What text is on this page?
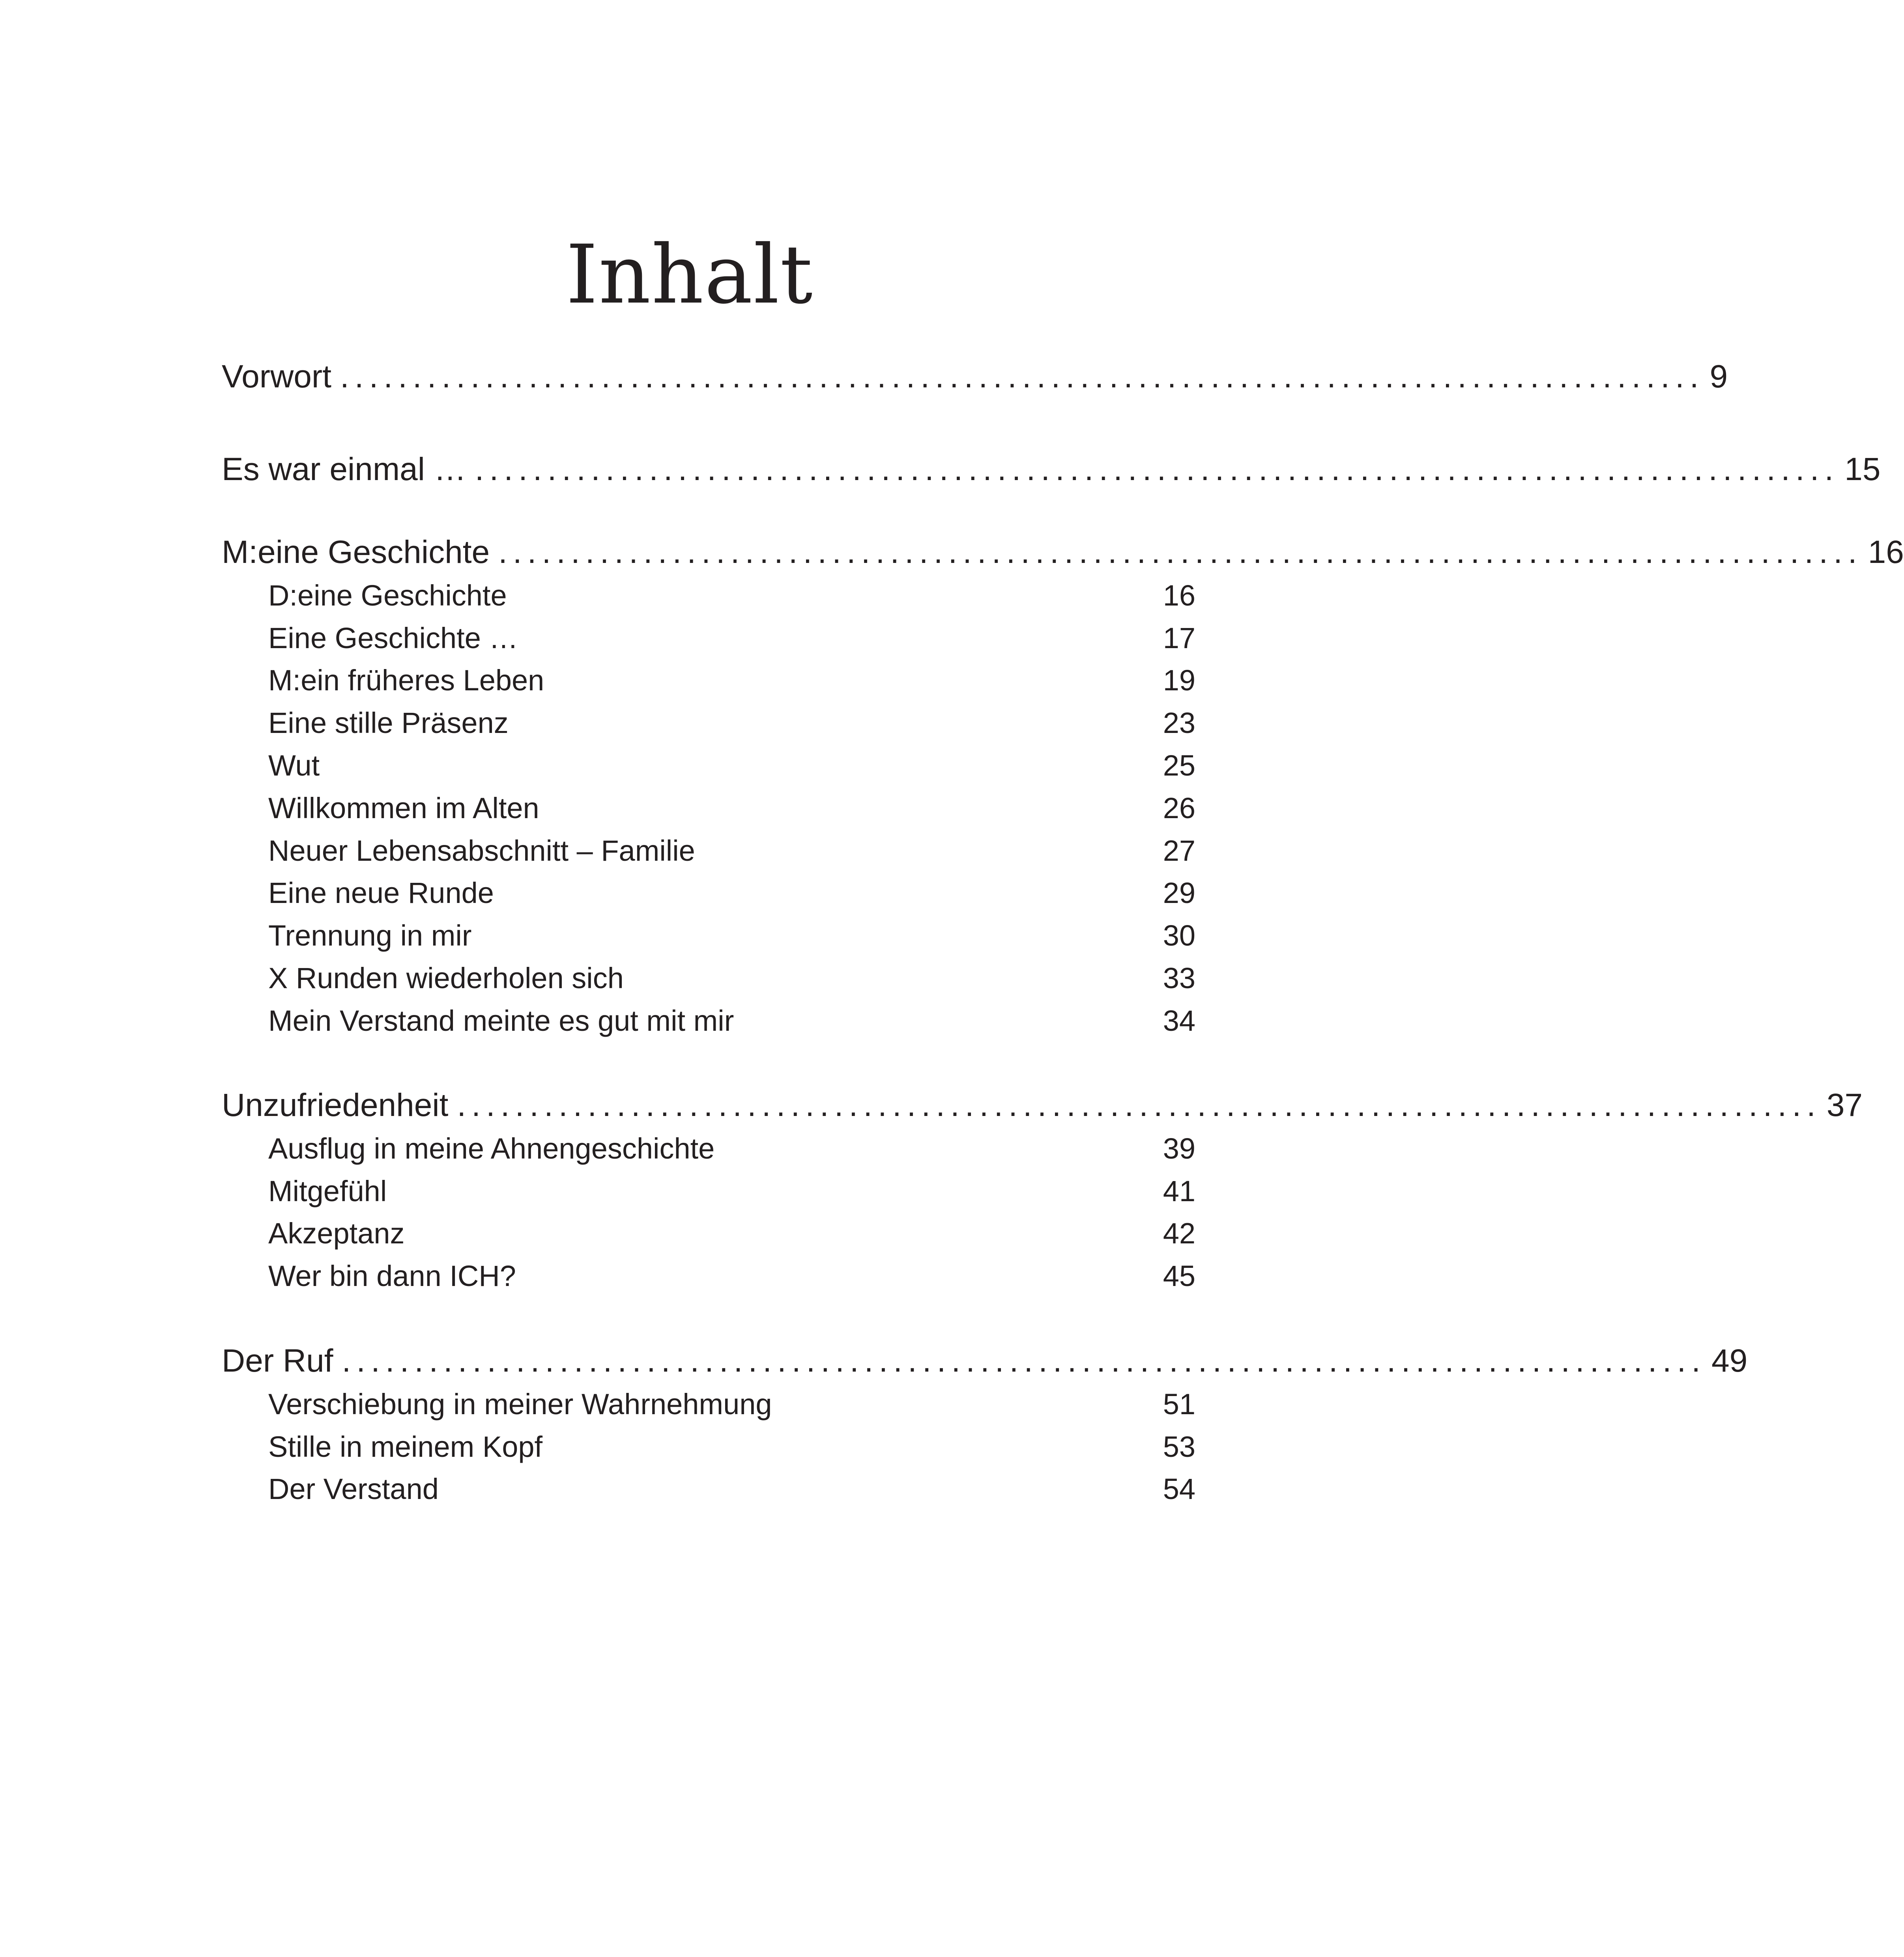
Inhalt
Vorwort .............................................................................................. 9
Es war einmal … .............................................................................................. 15
M:eine Geschichte .............................................................................................. 16
D:eine Geschichte	16
Eine Geschichte …	17
M:ein früheres Leben	19
Eine stille Präsenz	23
Wut	25
Willkommen im Alten	26
Neuer Lebensabschnitt – Familie	27
Eine neue Runde	29
Trennung in mir	30
X Runden wiederholen sich	33
Mein Verstand meinte es gut mit mir	34
Unzufriedenheit .............................................................................................. 37
Ausflug in meine Ahnengeschichte	39
Mitgefühl	41
Akzeptanz	42
Wer bin dann ICH?	45
Der Ruf .............................................................................................. 49
Verschiebung in meiner Wahrnehmung	51
Stille in meinem Kopf	53
Der Verstand	54
